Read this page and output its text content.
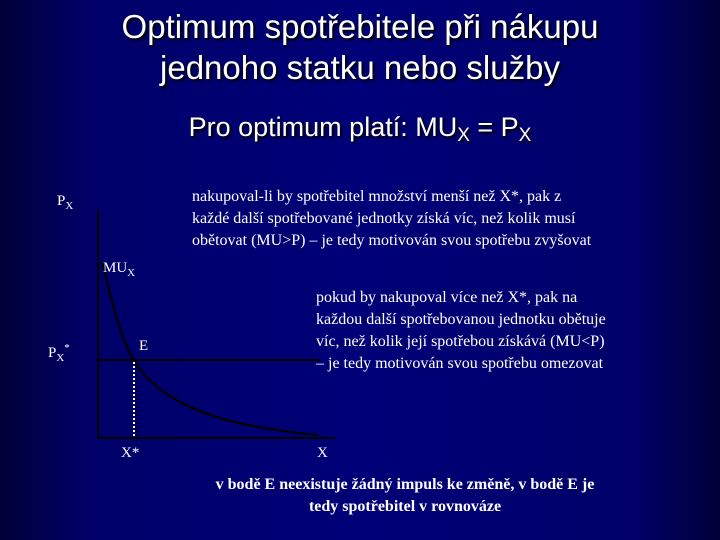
Optimum spotřebitele při nákupu
jednoho statku nebo služby
Pro optimum platí: $MU_X = P_X$
$P_X$
$MU_X$
$P_X^*$	E
X*	X
nakupoval-li by spotřebitel množství menší než X*, pak z
každé další spotřebované jednotky získá víc, než kolik musí
obětovat (MU>P) – je tedy motivován svou spotřebu zvyšovat
pokud by nakupoval více než X*, pak na
každou další spotřebovanou jednotku obětuje
víc, než kolik její spotřebou získává (MU<P)
– je tedy motivován svou spotřebu omezovat
v bodě E neexistuje žádný impuls ke změně, v bodě E je
tedy spotřebitel v rovnováze
